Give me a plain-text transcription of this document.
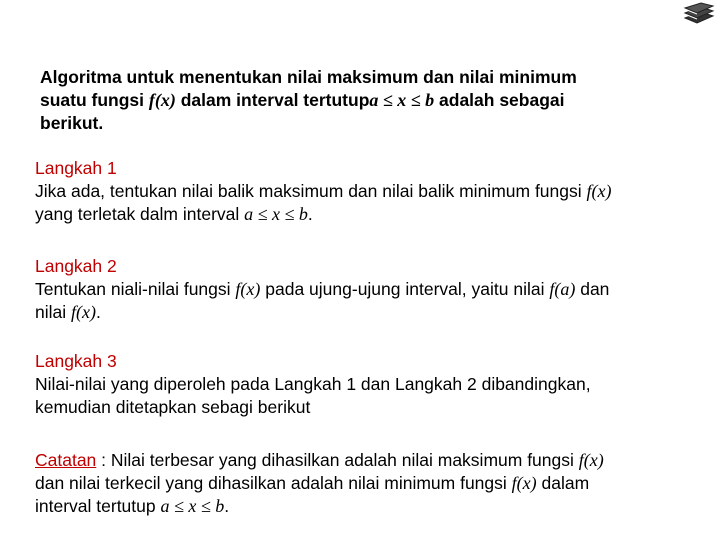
Algoritma untuk menentukan nilai maksimum dan nilai minimum
suatu fungsi f(x) dalam interval tertutupa ≤ x ≤ b adalah sebagai
berikut.
Langkah 1
Jika ada, tentukan nilai balik maksimum dan nilai balik minimum fungsi f(x)
yang terletak dalm interval a ≤ x ≤ b.
Langkah 2
Tentukan niali-nilai fungsi f(x) pada ujung-ujung interval, yaitu nilai f(a) dan
nilai f(x).
Langkah 3
Nilai-nilai yang diperoleh pada Langkah 1 dan Langkah 2 dibandingkan,
kemudian ditetapkan sebagi berikut
Catatan : Nilai terbesar yang dihasilkan adalah nilai maksimum fungsi f(x)
dan nilai terkecil yang dihasilkan adalah nilai minimum fungsi f(x) dalam
interval tertutup a ≤ x ≤ b.
